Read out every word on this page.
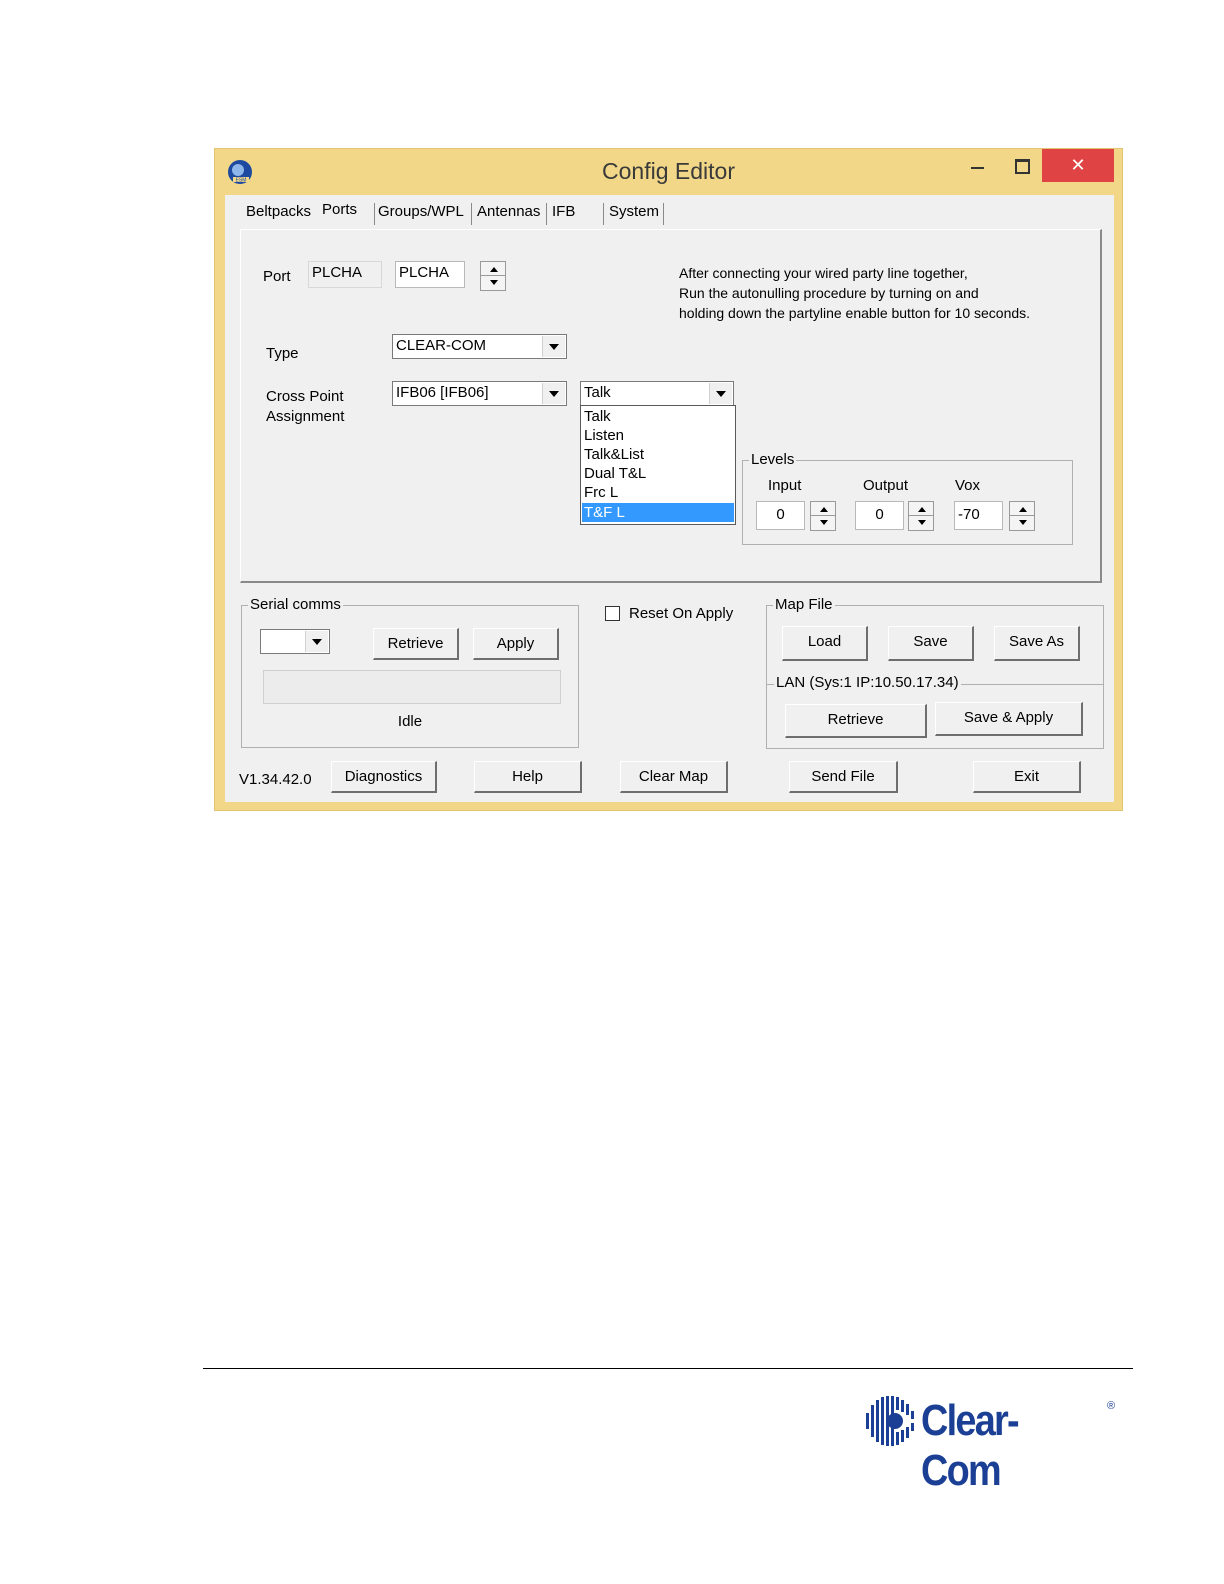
ESM	Config Editor	✕
Beltpacks Ports Groups/WPL Antennas IFB System
Port PLCHA	PLCHA	After connecting your wired party line together,
Run the autonulling procedure by turning on and
holding down the partyline enable button for 10 seconds.
Type	CLEAR-COM
Cross Point
Assignment
IFB06 [IFB06]	Talk
Levels
Input
0
Output
0
Vox
-70
Talk
Listen
Talk&List
Dual T&L
Frc L
T&F L
Serial comms
Retrieve	Apply
Idle
Reset On Apply
Map File
Load	Save	Save As
LAN (Sys:1 IP:10.50.17.34)
Retrieve	Save & Apply
V1.34.42.0	Diagnostics	Help	Clear Map	Send File	Exit
Clear-Com
®
